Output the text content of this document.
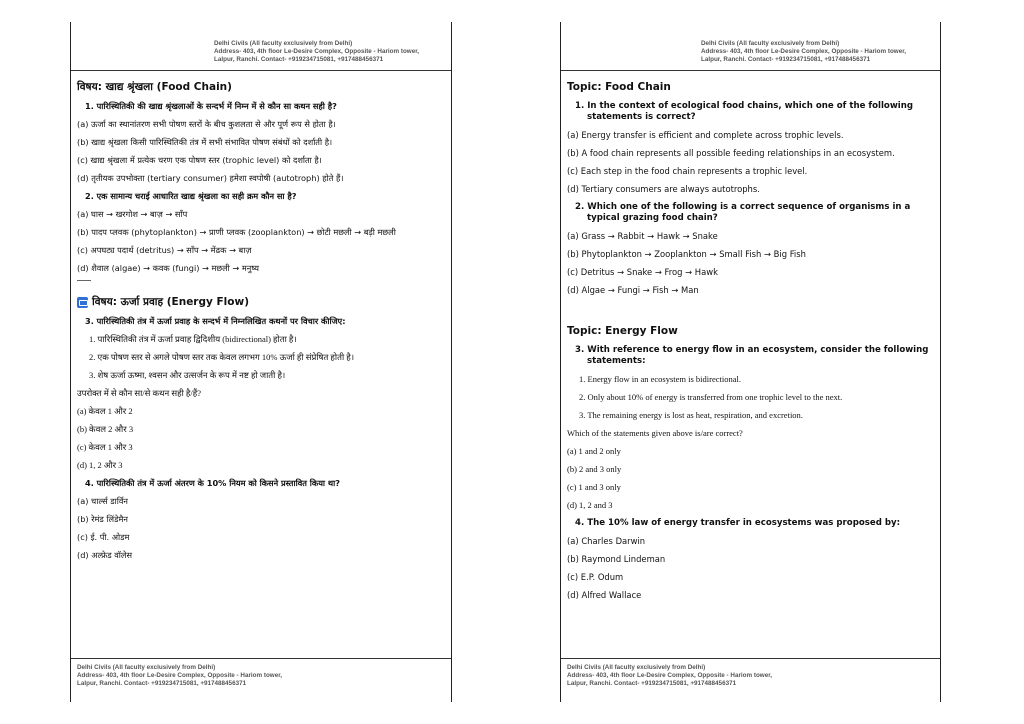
Delhi Civils (All faculty exclusively from Delhi)
Address- 403, 4th floor Le-Desire Complex, Opposite - Hariom tower,
Lalpur, Ranchi. Contact- +919234715081, +917488456371
विषय: खाद्य श्रृंखला (Food Chain)
1. पारिस्थितिकी की खाद्य श्रृंखलाओं के सन्दर्भ में निम्न में से कौन सा कथन सही है?
(a) ऊर्जा का स्थानांतरण सभी पोषण स्तरों के बीच कुशलता से और पूर्ण रूप से होता है।
(b) खाद्य श्रृंखला किसी पारिस्थितिकी तंत्र में सभी संभावित पोषण संबंधों को दर्शाती है।
(c) खाद्य श्रृंखला में प्रत्येक चरण एक पोषण स्तर (trophic level) को दर्शाता है।
(d) तृतीयक उपभोक्ता (tertiary consumer) हमेशा स्वपोषी (autotroph) होते हैं।
2. एक सामान्य चराई आधारित खाद्य श्रृंखला का सही क्रम कौन सा है?
(a) घास → खरगोश → बाज़ → साँप
(b) पादप प्लवक (phytoplankton) → प्राणी प्लवक (zooplankton) → छोटी मछली → बड़ी मछली
(c) अपघट्य पदार्थ (detritus) → साँप → मेंढक → बाज़
(d) शैवाल (algae) → कवक (fungi) → मछली → मनुष्य
विषय: ऊर्जा प्रवाह (Energy Flow)
3. पारिस्थितिकी तंत्र में ऊर्जा प्रवाह के सन्दर्भ में निम्नलिखित कथनों पर विचार कीजिए:
1. पारिस्थितिकी तंत्र में ऊर्जा प्रवाह द्विदिशीय (bidirectional) होता है।
2. एक पोषण स्तर से अगले पोषण स्तर तक केवल लगभग 10% ऊर्जा ही संप्रेषित होती है।
3. शेष ऊर्जा ऊष्मा, श्वसन और उत्सर्जन के रूप में नष्ट हो जाती है।
उपरोक्त में से कौन सा/से कथन सही है/हैं?
(a) केवल 1 और 2
(b) केवल 2 और 3
(c) केवल 1 और 3
(d) 1, 2 और 3
4. पारिस्थितिकी तंत्र में ऊर्जा अंतरण के 10% नियम को किसने प्रस्तावित किया था?
(a) चार्ल्स डार्विन
(b) रेमंड लिंडेमैन
(c) ई. पी. ओडम
(d) अल्फ्रेड वॉलेस
Delhi Civils (All faculty exclusively from Delhi)
Address- 403, 4th floor Le-Desire Complex, Opposite - Hariom tower,
Lalpur, Ranchi. Contact- +919234715081, +917488456371
Delhi Civils (All faculty exclusively from Delhi)
Address- 403, 4th floor Le-Desire Complex, Opposite - Hariom tower,
Lalpur, Ranchi. Contact- +919234715081, +917488456371
Topic: Food Chain
1. In the context of ecological food chains, which one of the following statements is correct?
(a) Energy transfer is efficient and complete across trophic levels.
(b) A food chain represents all possible feeding relationships in an ecosystem.
(c) Each step in the food chain represents a trophic level.
(d) Tertiary consumers are always autotrophs.
2. Which one of the following is a correct sequence of organisms in a typical grazing food chain?
(a) Grass → Rabbit → Hawk → Snake
(b) Phytoplankton → Zooplankton → Small Fish → Big Fish
(c) Detritus → Snake → Frog → Hawk
(d) Algae → Fungi → Fish → Man
Topic: Energy Flow
3. With reference to energy flow in an ecosystem, consider the following statements:
1. Energy flow in an ecosystem is bidirectional.
2. Only about 10% of energy is transferred from one trophic level to the next.
3. The remaining energy is lost as heat, respiration, and excretion.
Which of the statements given above is/are correct?
(a) 1 and 2 only
(b) 2 and 3 only
(c) 1 and 3 only
(d) 1, 2 and 3
4. The 10% law of energy transfer in ecosystems was proposed by:
(a) Charles Darwin
(b) Raymond Lindeman
(c) E.P. Odum
(d) Alfred Wallace
Delhi Civils (All faculty exclusively from Delhi)
Address- 403, 4th floor Le-Desire Complex, Opposite - Hariom tower,
Lalpur, Ranchi. Contact- +919234715081, +917488456371
